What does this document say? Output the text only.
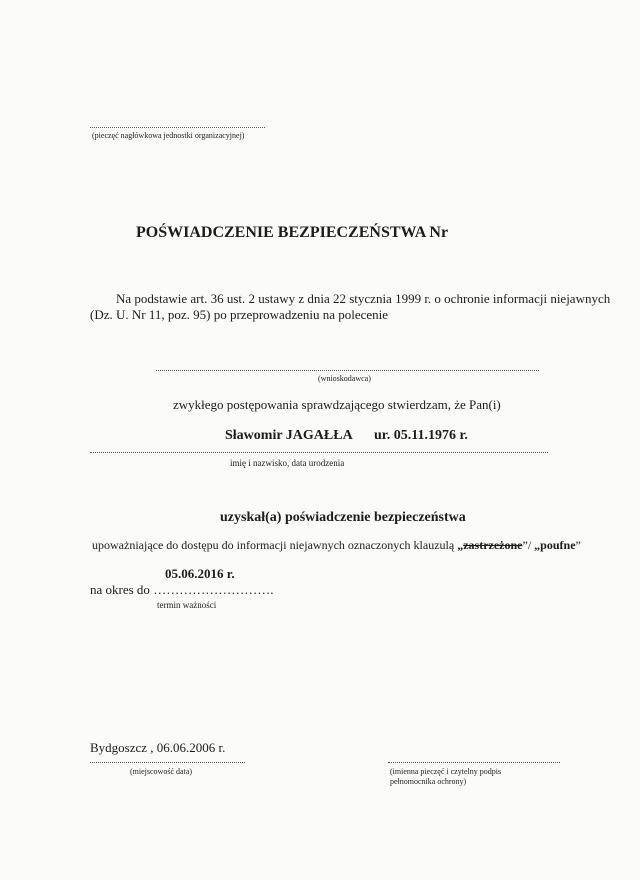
(pieczęć nagłówkowa jednostki organizacyjnej)
POŚWIADCZENIE BEZPIECZEŃSTWA Nr
Na podstawie art. 36 ust. 2 ustawy z dnia 22 stycznia 1999 r. o ochronie informacji niejawnych
(Dz. U. Nr 11, poz. 95) po przeprowadzeniu na polecenie
(wnioskodawca)
zwykłego postępowania sprawdzającego stwierdzam, że Pan(i)
Sławomir JAGAŁŁA ur. 05.11.1976 r.
imię i nazwisko, data urodzenia
uzyskał(a) poświadczenie bezpieczeństwa
upoważniające do dostępu do informacji niejawnych oznaczonych klauzulą „zastrzeżone”/ „poufne”
05.06.2016 r.
na okres do ……………………….
termin ważności
Bydgoszcz , 06.06.2006 r.
(miejscowość data)	(imienna pieczęć i czytelny podpis
pełnomocnika ochrony)
